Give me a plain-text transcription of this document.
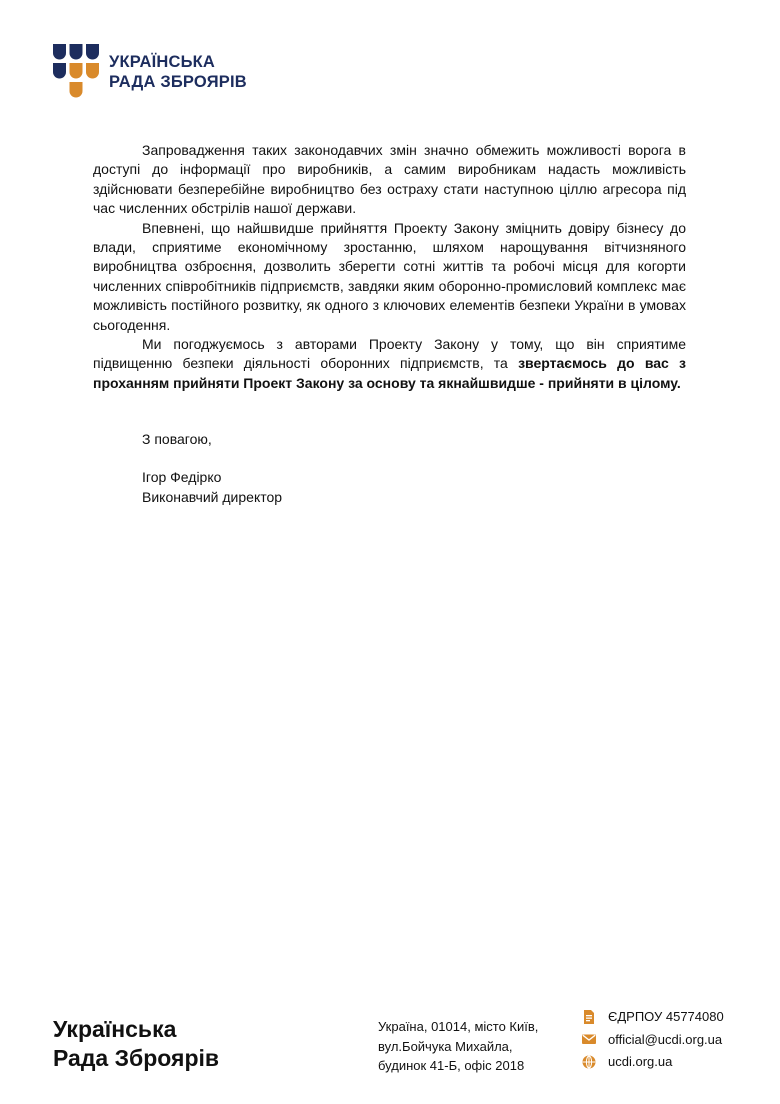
УКРАЇНСЬКА
РАДА ЗБРОЯРІВ

Запровадження таких законодавчих змін значно обмежить можливості ворога в доступі до інформації про виробників, а самим виробникам надасть можливість здійснювати безперебійне виробництво без остраху стати наступною ціллю агресора під час численних обстрілів нашої держави.

Впевнені, що найшвидше прийняття Проекту Закону зміцнить довіру бізнесу до влади, сприятиме економічному зростанню, шляхом нарощування вітчизняного виробництва озброєння, дозволить зберегти сотні життів та робочі місця для когорти численних співробітників підприємств, завдяки яким оборонно-промисловий комплекс має можливість постійного розвитку, як одного з ключових елементів безпеки України в умовах сьогодення.

Ми погоджуємось з авторами Проекту Закону у тому, що він сприятиме підвищенню безпеки діяльності оборонних підприємств, та звертаємось до вас з проханням прийняти Проект Закону за основу та якнайшвидше - прийняти в цілому.

З повагою,

Ігор Федірко

Виконавчий директор

Українська
Рада Зброярів
Україна, 01014, місто Київ,
вул.Бойчука Михайла,
будинок 41-Б, офіс 2018
ЄДРПОУ 45774080
official@ucdi.org.ua
ucdi.org.ua
